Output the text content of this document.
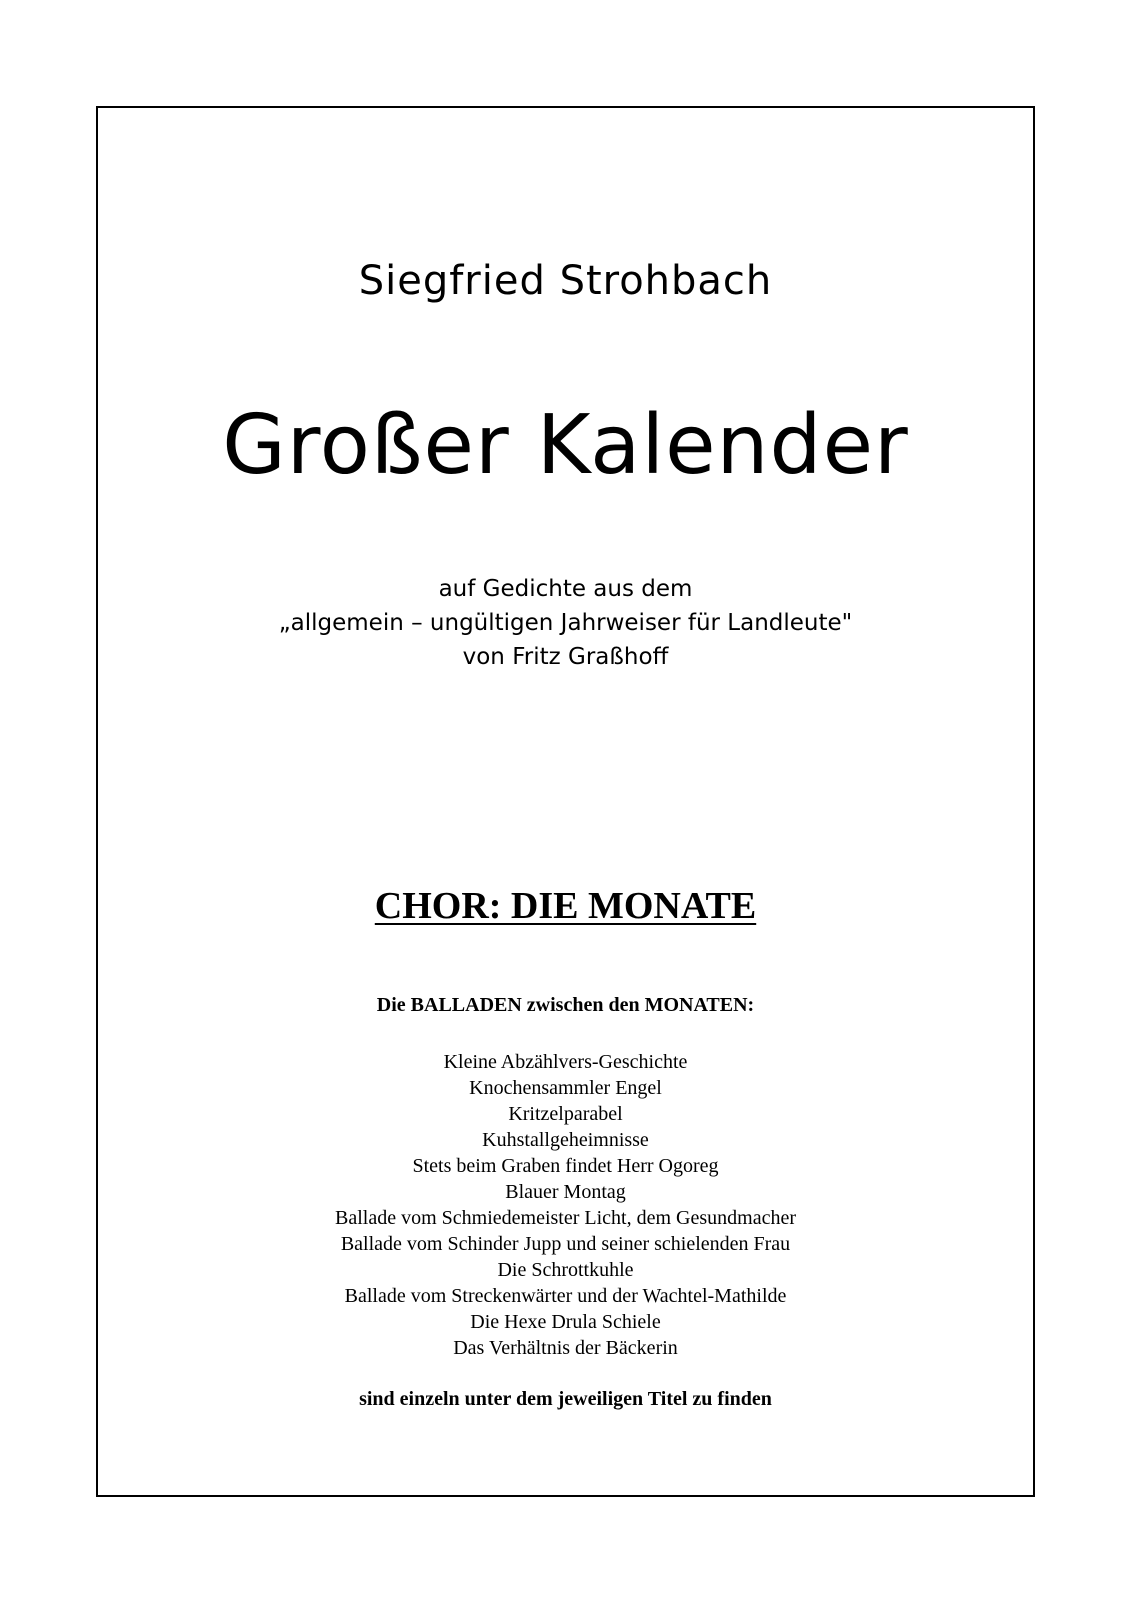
Siegfried Strohbach
Großer Kalender
auf Gedichte aus dem
„allgemein – ungültigen Jahrweiser für Landleute"
von Fritz Graßhoff
CHOR: DIE MONATE
Die BALLADEN zwischen den MONATEN:
Kleine Abzählvers-Geschichte
Knochensammler Engel
Kritzelparabel
Kuhstallgeheimnisse
Stets beim Graben findet Herr Ogoreg
Blauer Montag
Ballade vom Schmiedemeister Licht, dem Gesundmacher
Ballade vom Schinder Jupp und seiner schielenden Frau
Die Schrottkuhle
Ballade vom Streckenwärter und der Wachtel-Mathilde
Die Hexe Drula Schiele
Das Verhältnis der Bäckerin
sind einzeln unter dem jeweiligen Titel zu finden
